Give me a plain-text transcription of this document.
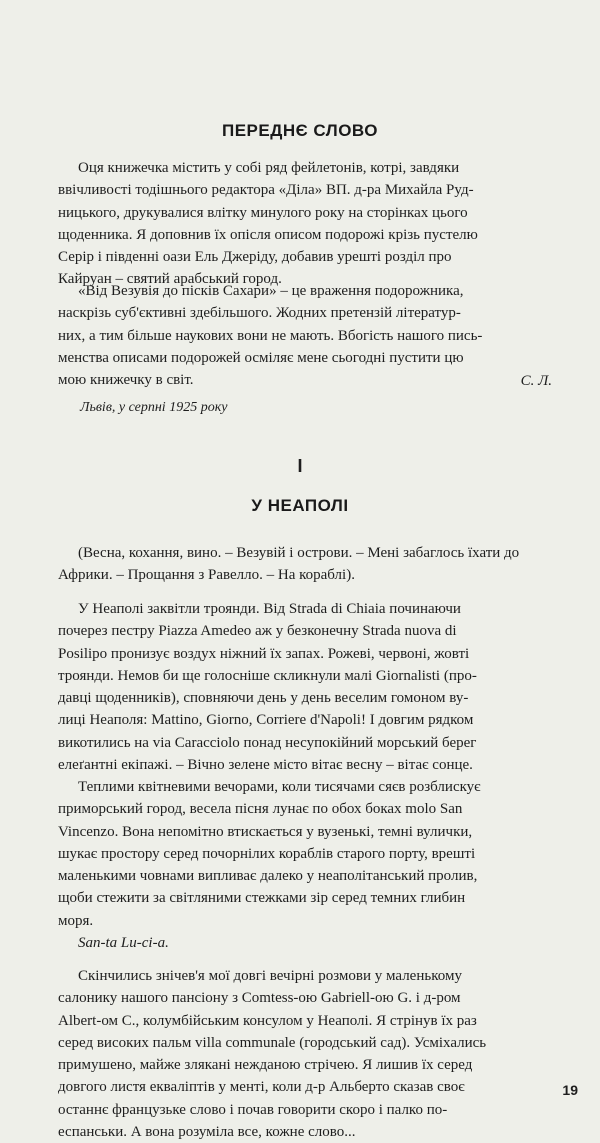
ПЕРЕДНЄ СЛОВО
Оця книжечка містить у собі ряд фейлетонів, котрі, завдяки
ввічливості тодішнього редактора «Діла» ВП. д-ра Михайла Руд-
ницького, друкувалися влітку минулого року на сторінках цього
щоденника. Я доповнив їх опісля описом подорожі крізь пустелю
Серір і південні оази Ель Джеріду, добавив урешті розділ про
Кайруан – святий арабський город.
«Від Везувія до пісків Сахари» – це враження подорожника,
наскрізь суб'єктивні здебільшого. Жодних претензій літератур-
них, а тим більше наукових вони не мають. Вбогість нашого пись-
менства описами подорожей осміляє мене сьогодні пустити цю
мою книжечку в світ.	С. Л.
Львів, у серпні 1925 року
I
У НЕАПОЛІ
(Весна, кохання, вино. – Везувій і острови. – Мені забаглось їхати до
Африки. – Прощання з Равелло. – На кораблі).
У Неаполі заквітли троянди. Від Strada di Chiaia починаючи
почерез пестру Piazza Amedeo аж у безконечну Strada nuova di
Posilipo пронизує воздух ніжний їх запах. Рожеві, червоні, жовті
троянди. Немов би ще голосніше скликнули малі Giornalisti (про-
давці щоденників), сповняючи день у день веселим гомоном ву-
лиці Неаполя: Mattino, Giorno, Corriere d'Napoli! І довгим рядком
викотились на via Caracciolo понад несупокійний морський берег
елеґантні екіпажі. – Вічно зелене місто вітає весну – вітає сонце.
Теплими квітневими вечорами, коли тисячами сяєв розблискує
приморський город, весела пісня лунає по обох боках molo San
Vincenzo. Вона непомітно втискається у вузенькі, темні вулички,
шукає простору серед почорнілих кораблів старого порту, врешті
маленькими човнами випливає далеко у неаполітанський пролив,
щоби стежити за світляними стежками зір серед темних глибин
моря.
San-ta Lu-ci-a.
Скінчились знічев'я мої довгі вечірні розмови у маленькому
салонику нашого пансіону з Comtess-ою Gabriell-ою G. і д-ром
Albert-ом C., колумбійським консулом у Неаполі. Я стрінув їх раз
серед високих пальм villa communale (городський сад). Усміхались
примушено, майже злякані нежданою стрічею. Я лишив їх серед
довгого листя екваліптів у менті, коли д-р Альберто сказав своє
останнє французьке слово і почав говорити скоро і палко по-
еспанськи. А вона розуміла все, кожне слово...
19
